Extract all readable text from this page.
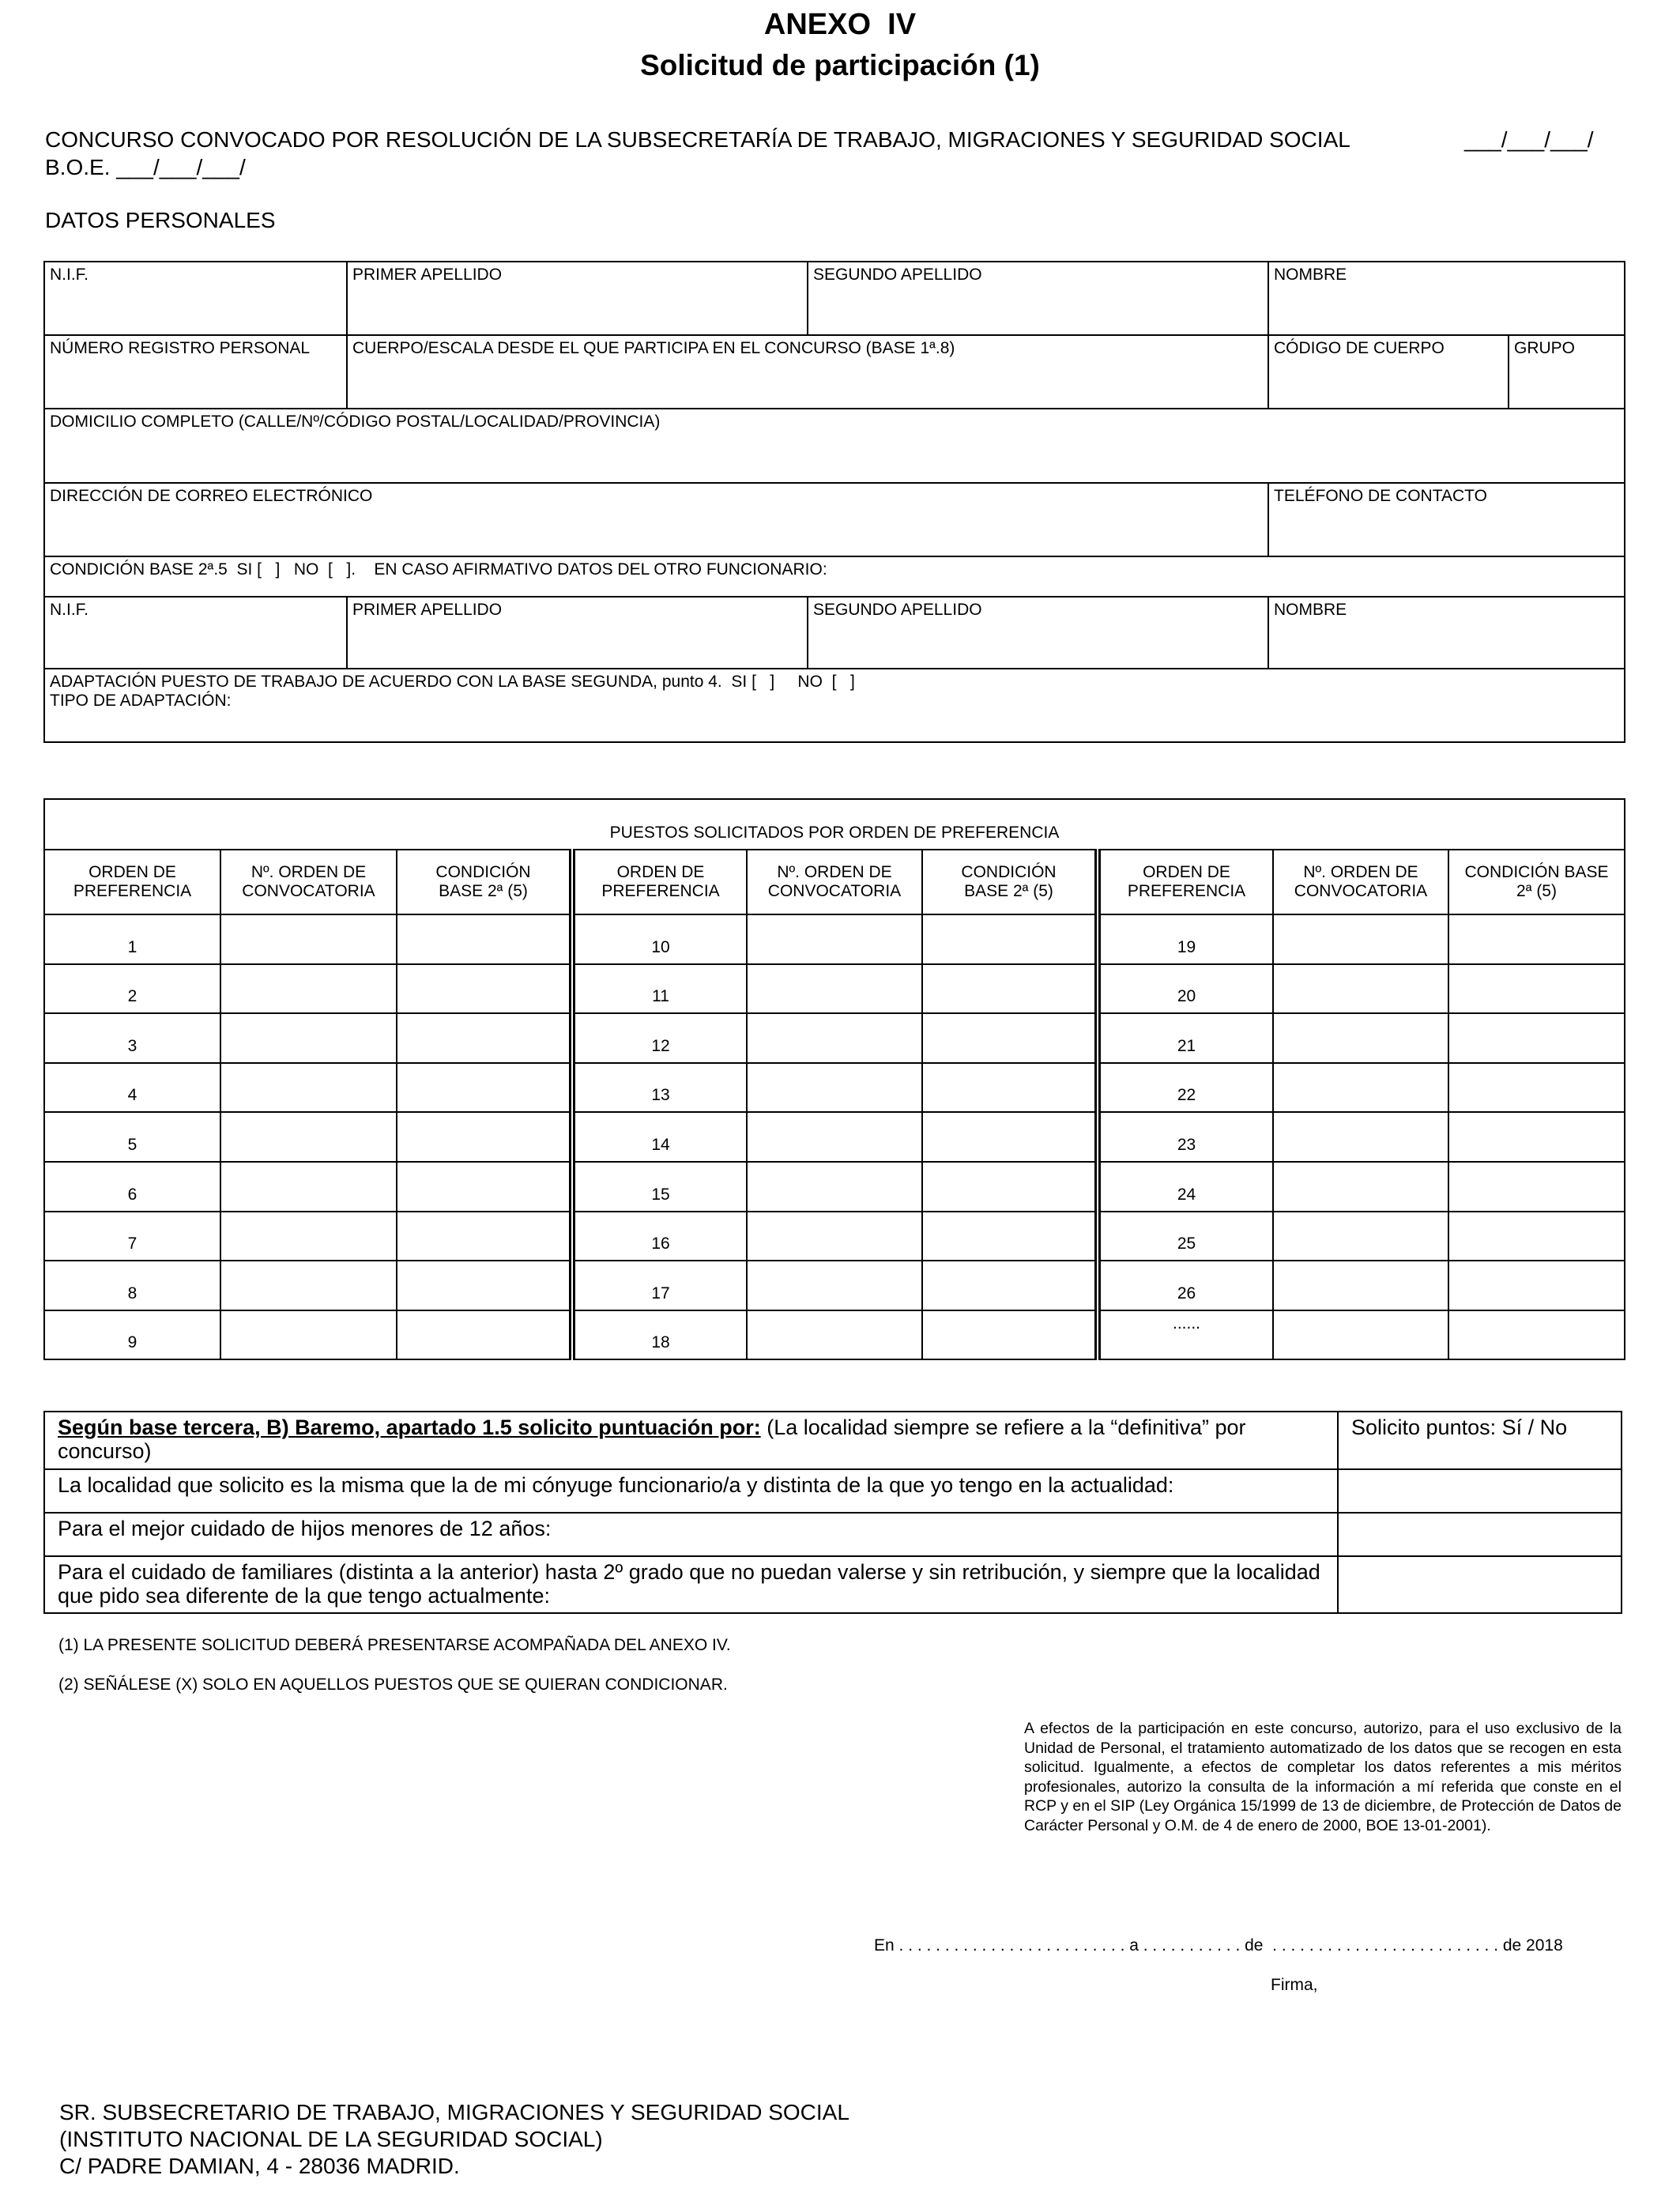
ANEXO  IV
Solicitud de participación (1)
CONCURSO CONVOCADO POR RESOLUCIÓN DE LA SUBSECRETARÍA DE TRABAJO, MIGRACIONES Y SEGURIDAD SOCIAL	___/___/___/
B.O.E. ___/___/___/
DATOS PERSONALES
N.I.F.	PRIMER APELLIDO	SEGUNDO APELLIDO	NOMBRE	
NÚMERO REGISTRO PERSONAL	CUERPO/ESCALA DESDE EL QUE PARTICIPA EN EL CONCURSO (BASE 1ª.8)		CÓDIGO DE CUERPO	GRUPO
DOMICILIO COMPLETO (CALLE/Nº/CÓDIGO POSTAL/LOCALIDAD/PROVINCIA)				
DIRECCIÓN DE CORREO ELECTRÓNICO			TELÉFONO DE CONTACTO	
CONDICIÓN BASE 2ª.5  SI [   ]   NO  [   ].    EN CASO AFIRMATIVO DATOS DEL OTRO FUNCIONARIO:				
N.I.F.	PRIMER APELLIDO	SEGUNDO APELLIDO	NOMBRE	

ADAPTACIÓN PUESTO DE TRABAJO DE ACUERDO CON LA BASE SEGUNDA, punto 4.  SI [   ]     NO  [   ]
TIPO DE ADAPTACIÓN:				
PUESTOS SOLICITADOS POR ORDEN DE PREFERENCIA								
ORDEN DE PREFERENCIA	Nº. ORDEN DE CONVOCATORIA	CONDICIÓN BASE 2ª (5)	ORDEN DE PREFERENCIA	Nº. ORDEN DE CONVOCATORIA	CONDICIÓN BASE 2ª (5)	ORDEN DE PREFERENCIA	Nº. ORDEN DE CONVOCATORIA	CONDICIÓN BASE 2ª (5)
1			10			19		
2			11			20		
3			12			21		
4			13			22		
5			14			23		
6			15			24		
7			16			25		
8			17			26		
9			18			......		
Según base tercera, B) Baremo, apartado 1.5 solicito puntuación por: (La localidad siempre se refiere a la “definitiva” por concurso)	Solicito puntos: Sí / No
La localidad que solicito es la misma que la de mi cónyuge funcionario/a y distinta de la que yo tengo en la actualidad:	
Para el mejor cuidado de hijos menores de 12 años:	
Para el cuidado de familiares (distinta a la anterior) hasta 2º grado que no puedan valerse y sin retribución, y siempre que la localidad que pido sea diferente de la que tengo actualmente:	
(1) LA PRESENTE SOLICITUD DEBERÁ PRESENTARSE ACOMPAÑADA DEL ANEXO IV.
(2) SEÑÁLESE (X) SOLO EN AQUELLOS PUESTOS QUE SE QUIERAN CONDICIONAR.
A efectos de la participación en este concurso, autorizo, para el uso exclusivo de la Unidad de Personal, el tratamiento automatizado de los datos que se recogen en esta solicitud. Igualmente, a efectos de completar los datos referentes a mis méritos profesionales, autorizo la consulta de la información a mí referida que conste en el RCP y en el SIP (Ley Orgánica 15/1999 de 13 de diciembre, de Protección de Datos de Carácter Personal y O.M. de 4 de enero de 2000, BOE 13-01-2001).
En . . . . . . . . . . . . . . . . . . . . . . . . . a . . . . . . . . . . . de  . . . . . . . . . . . . . . . . . . . . . . . . . de 2018
Firma,
SR. SUBSECRETARIO DE TRABAJO, MIGRACIONES Y SEGURIDAD SOCIAL
(INSTITUTO NACIONAL DE LA SEGURIDAD SOCIAL)
C/ PADRE DAMIAN, 4 - 28036 MADRID.
